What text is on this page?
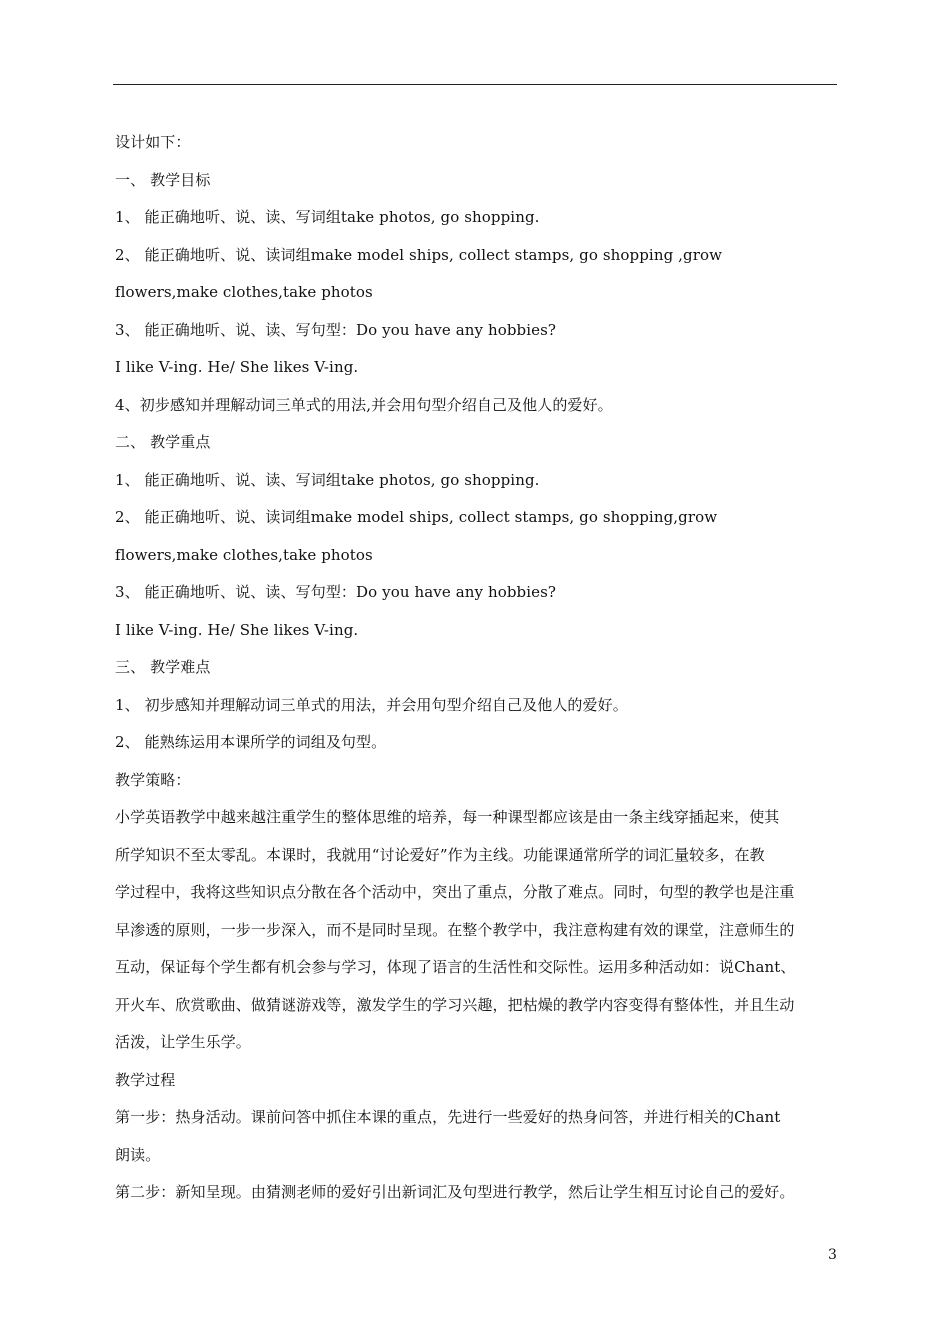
设计如下：
一、 教学目标
1、 能正确地听、说、读、写词组take photos, go shopping.
2、 能正确地听、说、读词组make model ships, collect stamps, go shopping ,grow
flowers,make clothes,take photos
3、 能正确地听、说、读、写句型：Do you have any hobbies?
I like V-ing. He/ She likes V-ing.
4、初步感知并理解动词三单式的用法,并会用句型介绍自己及他人的爱好。
二、 教学重点
1、 能正确地听、说、读、写词组take photos, go shopping.
2、 能正确地听、说、读词组make model ships, collect stamps, go shopping,grow
flowers,make clothes,take photos
3、 能正确地听、说、读、写句型：Do you have any hobbies?
I like V-ing. He/ She likes V-ing.
三、 教学难点
1、 初步感知并理解动词三单式的用法，并会用句型介绍自己及他人的爱好。
2、 能熟练运用本课所学的词组及句型。
教学策略：
小学英语教学中越来越注重学生的整体思维的培养，每一种课型都应该是由一条主线穿插起来，使其
所学知识不至太零乱。本课时，我就用“讨论爱好”作为主线。功能课通常所学的词汇量较多，在教
学过程中，我将这些知识点分散在各个活动中，突出了重点，分散了难点。同时，句型的教学也是注重
早渗透的原则，一步一步深入，而不是同时呈现。在整个教学中，我注意构建有效的课堂，注意师生的
互动，保证每个学生都有机会参与学习，体现了语言的生活性和交际性。运用多种活动如：说Chant、
开火车、欣赏歌曲、做猜谜游戏等，激发学生的学习兴趣，把枯燥的教学内容变得有整体性，并且生动
活泼，让学生乐学。
教学过程
第一步：热身活动。课前问答中抓住本课的重点，先进行一些爱好的热身问答，并进行相关的Chant
朗读。
第二步：新知呈现。由猜测老师的爱好引出新词汇及句型进行教学，然后让学生相互讨论自己的爱好。
3
